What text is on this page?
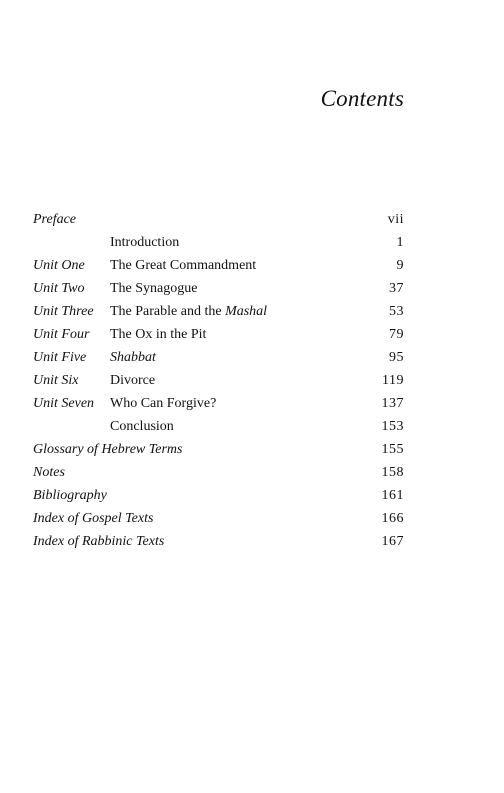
Contents
Preface	vii
Introduction	1
Unit One The Great Commandment	9
Unit Two The Synagogue	37
Unit Three The Parable and the Mashal	53
Unit Four The Ox in the Pit	79
Unit Five Shabbat	95
Unit Six Divorce	119
Unit Seven Who Can Forgive?	137
Conclusion	153
Glossary of Hebrew Terms	155
Notes	158
Bibliography	161
Index of Gospel Texts	166
Index of Rabbinic Texts	167
